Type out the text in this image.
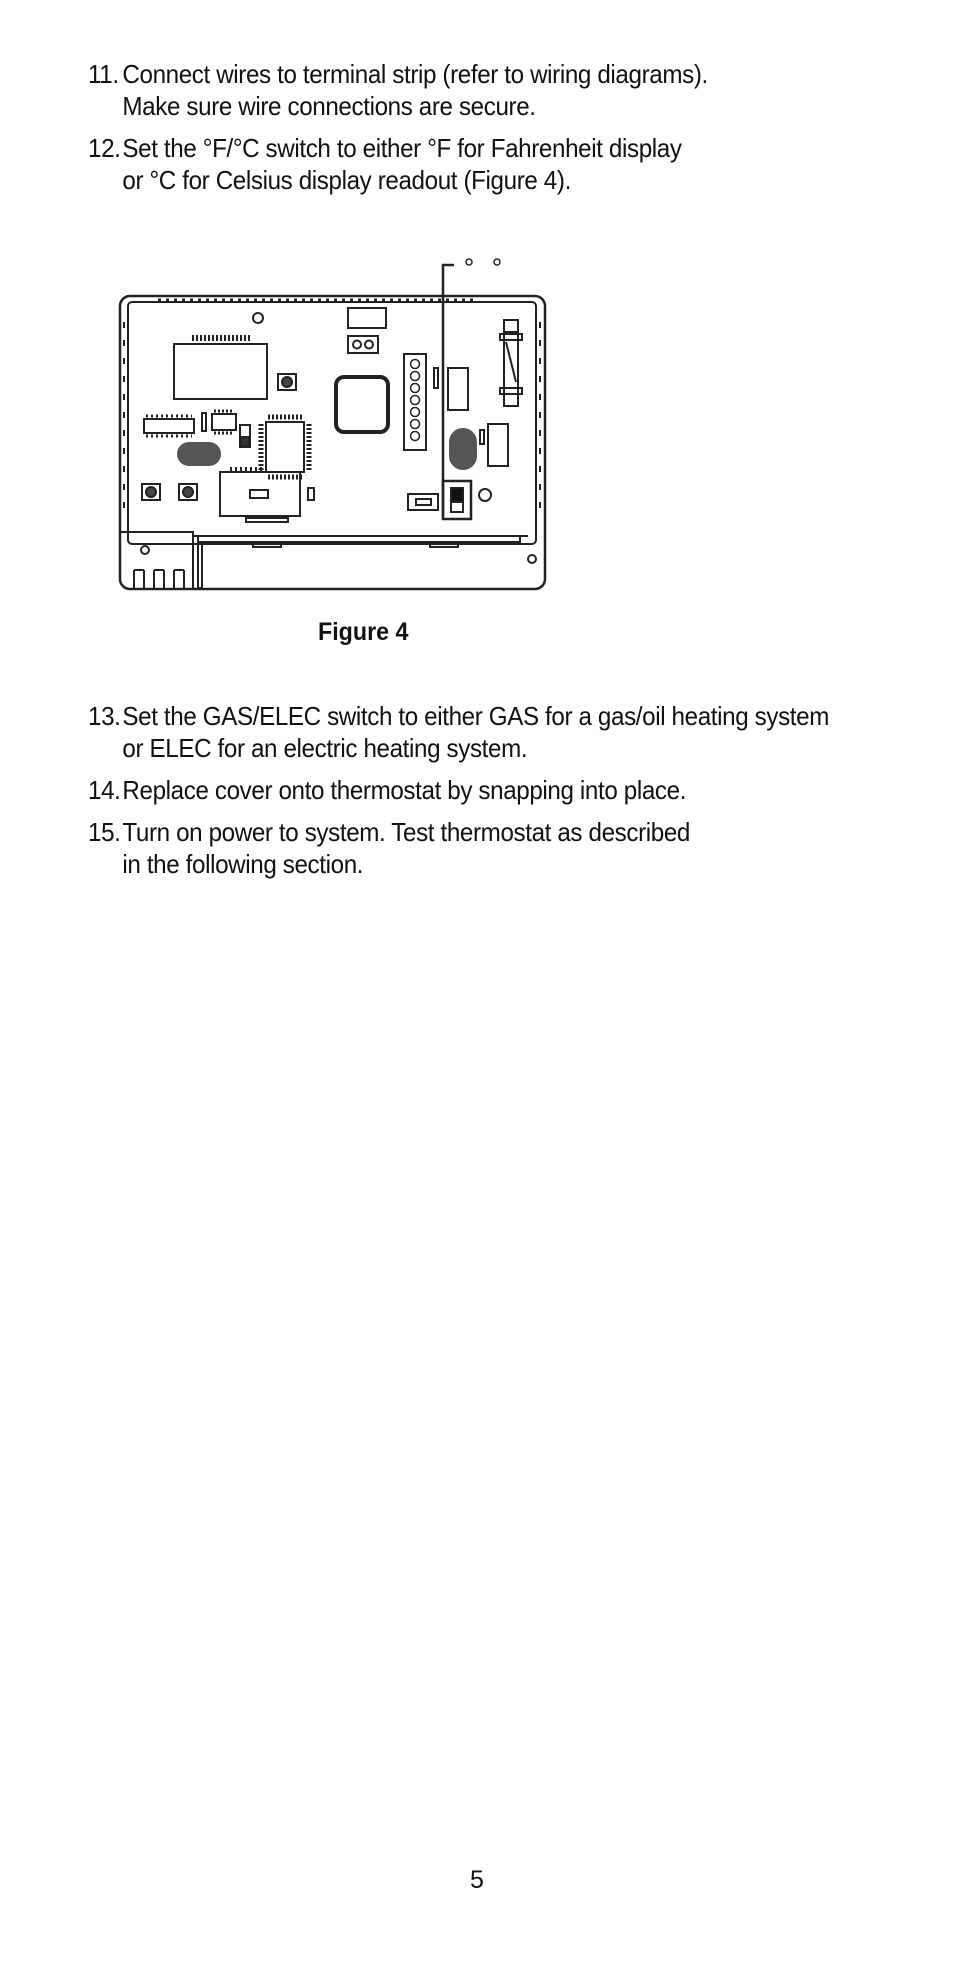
11. Connect wires to terminal strip (refer to wiring diagrams).
Make sure wire connections are secure.
12. Set the °F/°C switch to either °F for Fahrenheit display
or °C for Celsius display readout (Figure 4).
Figure 4
13. Set the GAS/ELEC switch to either GAS for a gas/oil heating system
or ELEC for an electric heating system.
14. Replace cover onto thermostat by snapping into place.
15. Turn on power to system. Test thermostat as described
in the following section.
5
